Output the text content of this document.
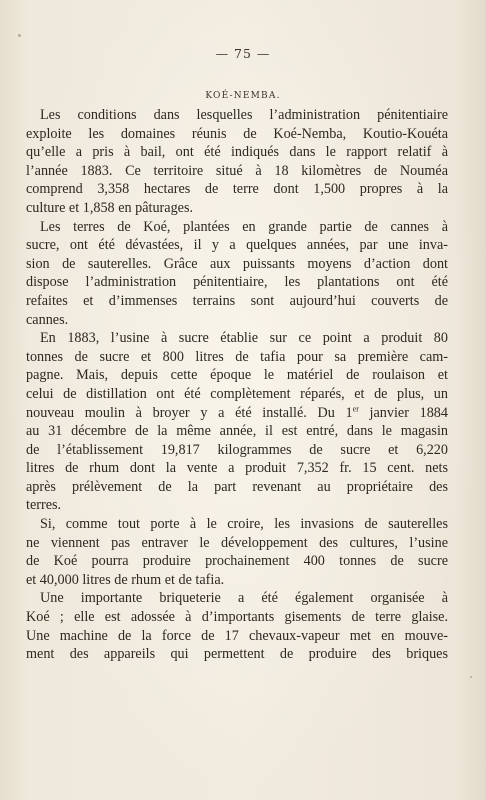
— 75 —
KOÉ-NEMBA.
Les conditions dans lesquelles l’administration pénitentiaire
exploite les domaines réunis de Koé-Nemba, Koutio-Kouéta
qu’elle a pris à bail, ont été indiqués dans le rapport relatif à
l’année 1883. Ce territoire situé à 18 kilomètres de Nouméa
comprend 3,358 hectares de terre dont 1,500 propres à la
culture et 1,858 en pâturages.
Les terres de Koé, plantées en grande partie de cannes à
sucre, ont été dévastées, il y a quelques années, par une inva-
sion de sauterelles. Grâce aux puissants moyens d’action dont
dispose l’administration pénitentiaire, les plantations ont été
refaites et d’immenses terrains sont aujourd’hui couverts de
cannes.
En 1883, l’usine à sucre établie sur ce point a produit 80
tonnes de sucre et 800 litres de tafia pour sa première cam-
pagne. Mais, depuis cette époque le matériel de roulaison et
celui de distillation ont été complètement réparés, et de plus, un
nouveau moulin à broyer y a été installé. Du 1er janvier 1884
au 31 décembre de la même année, il est entré, dans le magasin
de l’établissement 19,817 kilogrammes de sucre et 6,220
litres de rhum dont la vente a produit 7,352 fr. 15 cent. nets
après prélèvement de la part revenant au propriétaire des
terres.
Si, comme tout porte à le croire, les invasions de sauterelles
ne viennent pas entraver le développement des cultures, l’usine
de Koé pourra produire prochainement 400 tonnes de sucre
et 40,000 litres de rhum et de tafia.
Une importante briqueterie a été également organisée à
Koé ; elle est adossée à d’importants gisements de terre glaise.
Une machine de la force de 17 chevaux-vapeur met en mouve-
ment des appareils qui permettent de produire des briques
